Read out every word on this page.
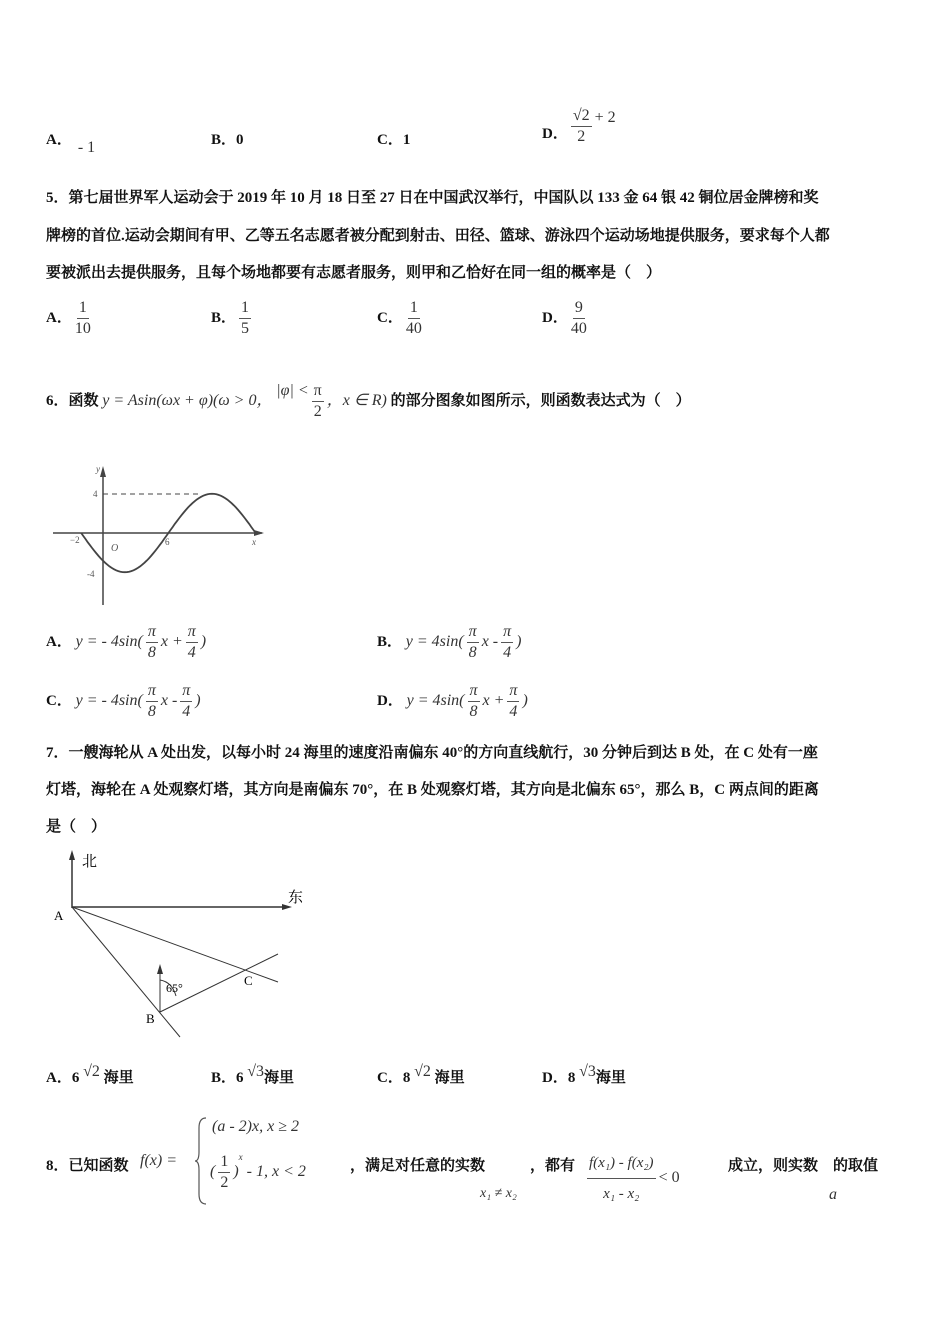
A． - 1	B．0	C．1	D． $\frac{√2}{2} + 2$
5．第七届世界军人运动会于 2019 年 10 月 18 日至 27 日在中国武汉举行，中国队以 133 金 64 银 42 铜位居金牌榜和奖
牌榜的首位.运动会期间有甲、乙等五名志愿者被分配到射击、田径、篮球、游泳四个运动场地提供服务，要求每个人都
要被派出去提供服务，且每个场地都要有志愿者服务，则甲和乙恰好在同一组的概率是（　）
A． $\frac{1}{10}$	B． $\frac{1}{5}$	C． $\frac{1}{40}$	D． $\frac{9}{40}$
6．函数 y = Asin(ωx + φ)(ω > 0， $|\varphi| < \frac{\pi}{2}$ ，x ∈ R) 的部分图象如图所示，则函数表达式为（　）
y
x
4
-4
−2	6
O
A． y = - $4\sin( \frac{\pi}{8}$ $x + \frac{\pi}{4}$ )	B． $y = 4\sin( \frac{\pi}{8}$ x - $\frac{\pi}{4}$ )
C． y = - $4\sin( \frac{\pi}{8}$ x - $\frac{\pi}{4}$ )	D． $y = 4\sin( \frac{\pi}{8}$ $x + \frac{\pi}{4}$ )
7．一艘海轮从 A 处出发，以每小时 24 海里的速度沿南偏东 40°的方向直线航行，30 分钟后到达 B 处，在 C 处有一座
灯塔，海轮在 A 处观察灯塔，其方向是南偏东 70°，在 B 处观察灯塔，其方向是北偏东 65°，那么 B，C 两点间的距离
是（　）
北
东
A
B
C
65°
A．6 √2 海里	B．6 √3海里	C．8 √2 海里	D．8 √3海里
8．已知函数 f(x) =
(a - 2)x, x ≥ 2
( $\frac{1}{2} )^x - 1$, x < 2	，满足对任意的实数
x₁ ≠ x₂
，都有 $\frac{\text{f(x₁) - f(x₂)}}{\text{x₁ - x₂}} < 0$
成立，则实数　的取值
a
